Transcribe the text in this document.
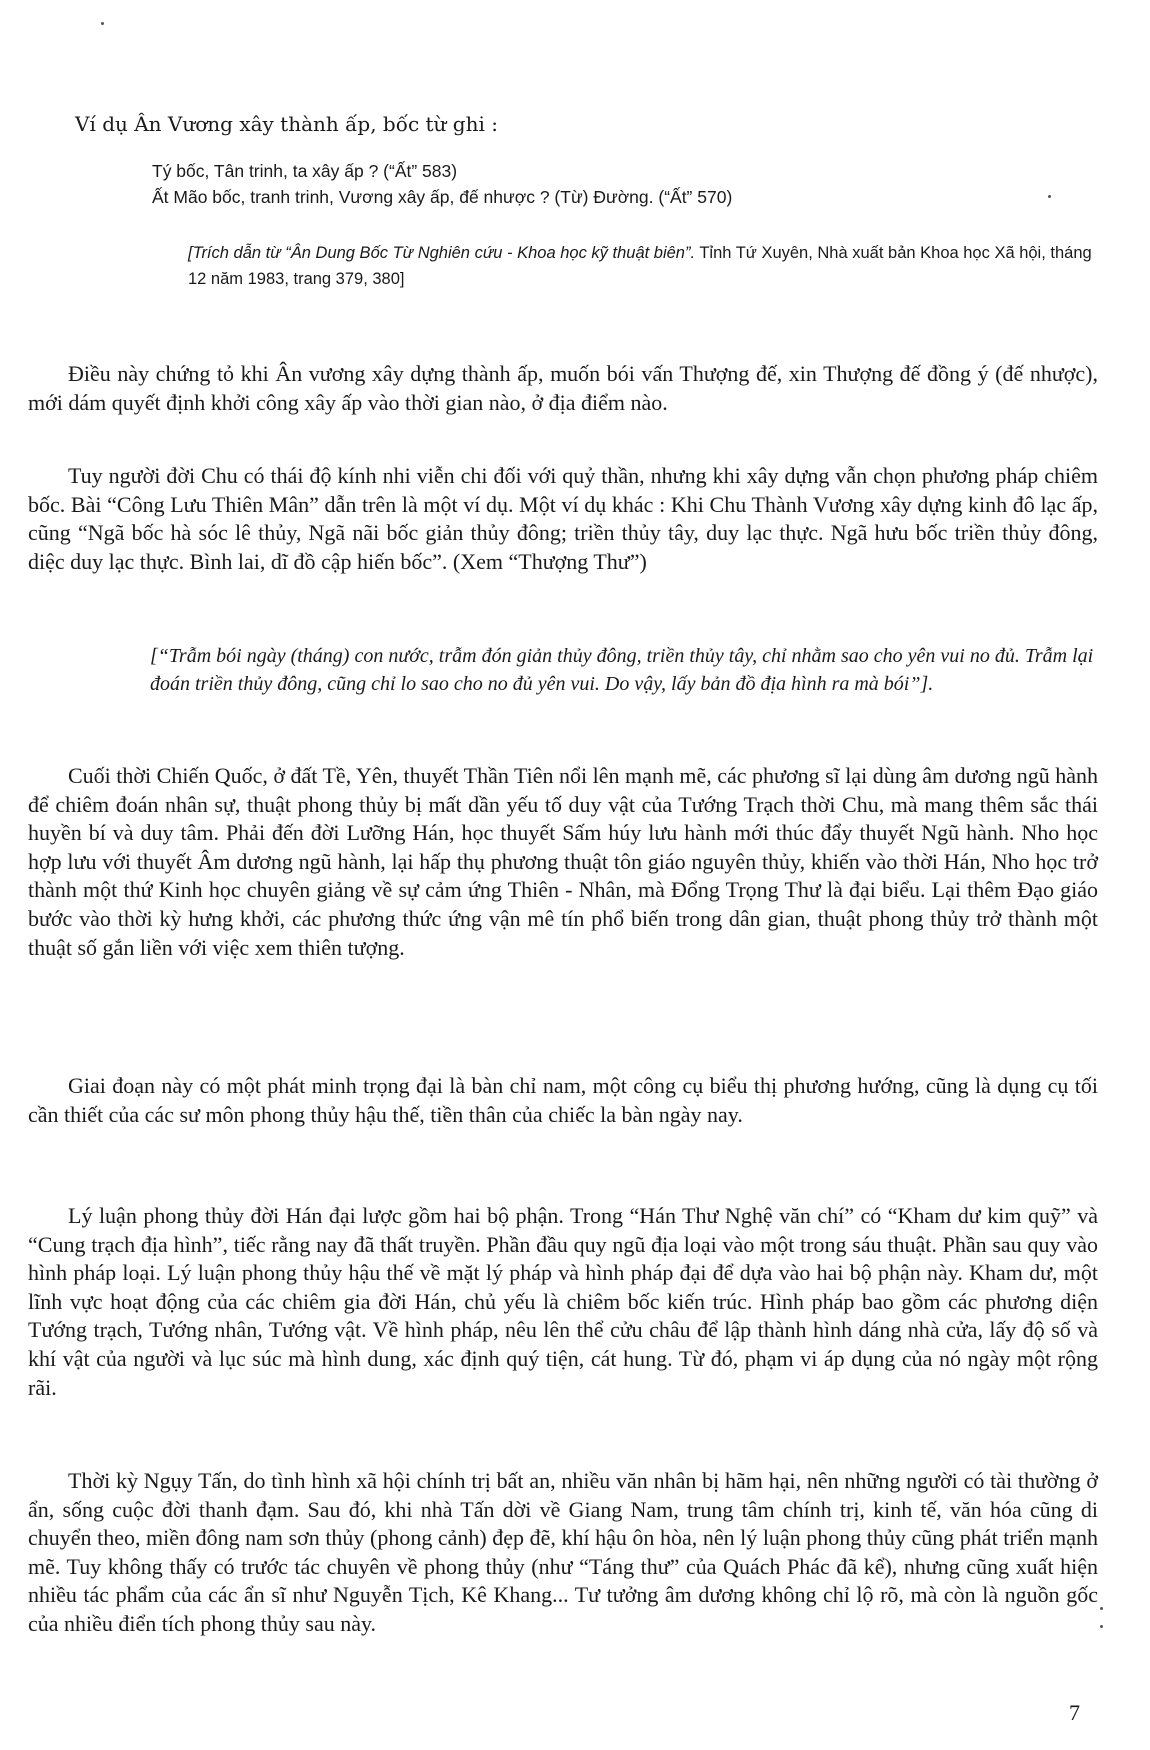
Ví dụ Ân Vương xây thành ấp, bốc từ ghi :
Tý bốc, Tân trinh, ta xây ấp ? (“Ất” 583)
Ất Mão bốc, tranh trinh, Vương xây ấp, đế nhược ? (Từ) Đường. (“Ất” 570)
[Trích dẫn từ “Ân Dung Bốc Từ Nghiên cứu - Khoa học kỹ thuật biên”. Tỉnh Tứ Xuyên, Nhà xuất bản Khoa học Xã hội, tháng 12 năm 1983, trang 379, 380]

Điều này chứng tỏ khi Ân vương xây dựng thành ấp, muốn bói vấn Thượng đế, xin Thượng đế đồng ý (đế nhược), mới dám quyết định khởi công xây ấp vào thời gian nào, ở địa điểm nào.

Tuy người đời Chu có thái độ kính nhi viễn chi đối với quỷ thần, nhưng khi xây dựng vẫn chọn phương pháp chiêm bốc. Bài “Công Lưu Thiên Mân” dẫn trên là một ví dụ. Một ví dụ khác : Khi Chu Thành Vương xây dựng kinh đô lạc ấp, cũng “Ngã bốc hà sóc lê thủy, Ngã nãi bốc giản thủy đông; triền thủy tây, duy lạc thực. Ngã hưu bốc triền thủy đông, diệc duy lạc thực. Bình lai, dĩ đồ cập hiến bốc”. (Xem “Thượng Thư”)

[“Trẫm bói ngày (tháng) con nước, trẫm đón giản thủy đông, triền thủy tây, chỉ nhằm sao cho yên vui no đủ. Trẫm lại đoán triền thủy đông, cũng chỉ lo sao cho no đủ yên vui. Do vậy, lấy bản đồ địa hình ra mà bói”].

Cuối thời Chiến Quốc, ở đất Tề, Yên, thuyết Thần Tiên nổi lên mạnh mẽ, các phương sĩ lại dùng âm dương ngũ hành để chiêm đoán nhân sự, thuật phong thủy bị mất dần yếu tố duy vật của Tướng Trạch thời Chu, mà mang thêm sắc thái huyền bí và duy tâm. Phải đến đời Lưỡng Hán, học thuyết Sấm húy lưu hành mới thúc đẩy thuyết Ngũ hành. Nho học hợp lưu với thuyết Âm dương ngũ hành, lại hấp thụ phương thuật tôn giáo nguyên thủy, khiến vào thời Hán, Nho học trở thành một thứ Kinh học chuyên giảng về sự cảm ứng Thiên - Nhân, mà Đổng Trọng Thư là đại biểu. Lại thêm Đạo giáo bước vào thời kỳ hưng khởi, các phương thức ứng vận mê tín phổ biến trong dân gian, thuật phong thủy trở thành một thuật số gắn liền với việc xem thiên tượng.

Giai đoạn này có một phát minh trọng đại là bàn chỉ nam, một công cụ biểu thị phương hướng, cũng là dụng cụ tối cần thiết của các sư môn phong thủy hậu thế, tiền thân của chiếc la bàn ngày nay.

Lý luận phong thủy đời Hán đại lược gồm hai bộ phận. Trong “Hán Thư Nghệ văn chí” có “Kham dư kim quỹ” và “Cung trạch địa hình”, tiếc rằng nay đã thất truyền. Phần đầu quy ngũ địa loại vào một trong sáu thuật. Phần sau quy vào hình pháp loại. Lý luận phong thủy hậu thế về mặt lý pháp và hình pháp đại để dựa vào hai bộ phận này. Kham dư, một lĩnh vực hoạt động của các chiêm gia đời Hán, chủ yếu là chiêm bốc kiến trúc. Hình pháp bao gồm các phương diện Tướng trạch, Tướng nhân, Tướng vật. Về hình pháp, nêu lên thể cửu châu để lập thành hình dáng nhà cửa, lấy độ số và khí vật của người và lục súc mà hình dung, xác định quý tiện, cát hung. Từ đó, phạm vi áp dụng của nó ngày một rộng rãi.

Thời kỳ Ngụy Tấn, do tình hình xã hội chính trị bất an, nhiều văn nhân bị hãm hại, nên những người có tài thường ở ẩn, sống cuộc đời thanh đạm. Sau đó, khi nhà Tấn dời về Giang Nam, trung tâm chính trị, kinh tế, văn hóa cũng di chuyển theo, miền đông nam sơn thủy (phong cảnh) đẹp đẽ, khí hậu ôn hòa, nên lý luận phong thủy cũng phát triển mạnh mẽ. Tuy không thấy có trước tác chuyên về phong thủy (như “Táng thư” của Quách Phác đã kể), nhưng cũng xuất hiện nhiều tác phẩm của các ẩn sĩ như Nguyễn Tịch, Kê Khang... Tư tưởng âm dương không chỉ lộ rõ, mà còn là nguồn gốc của nhiều điển tích phong thủy sau này.

7
